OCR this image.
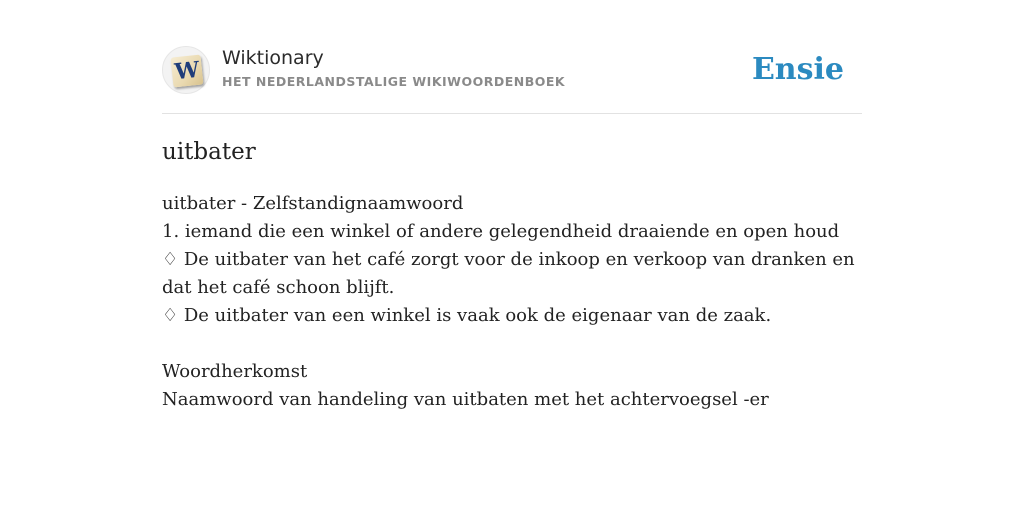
W Wiktionary
HET NEDERLANDSTALIGE WIKIWOORDENBOEK	Ensie
uitbater
uitbater - Zelfstandignaamwoord
1. iemand die een winkel of andere gelegendheid draaiende en open houd
♢ De uitbater van het café zorgt voor de inkoop en verkoop van dranken en dat het café schoon blijft.
♢ De uitbater van een winkel is vaak ook de eigenaar van de zaak.
Woordherkomst
Naamwoord van handeling van uitbaten met het achtervoegsel -er
